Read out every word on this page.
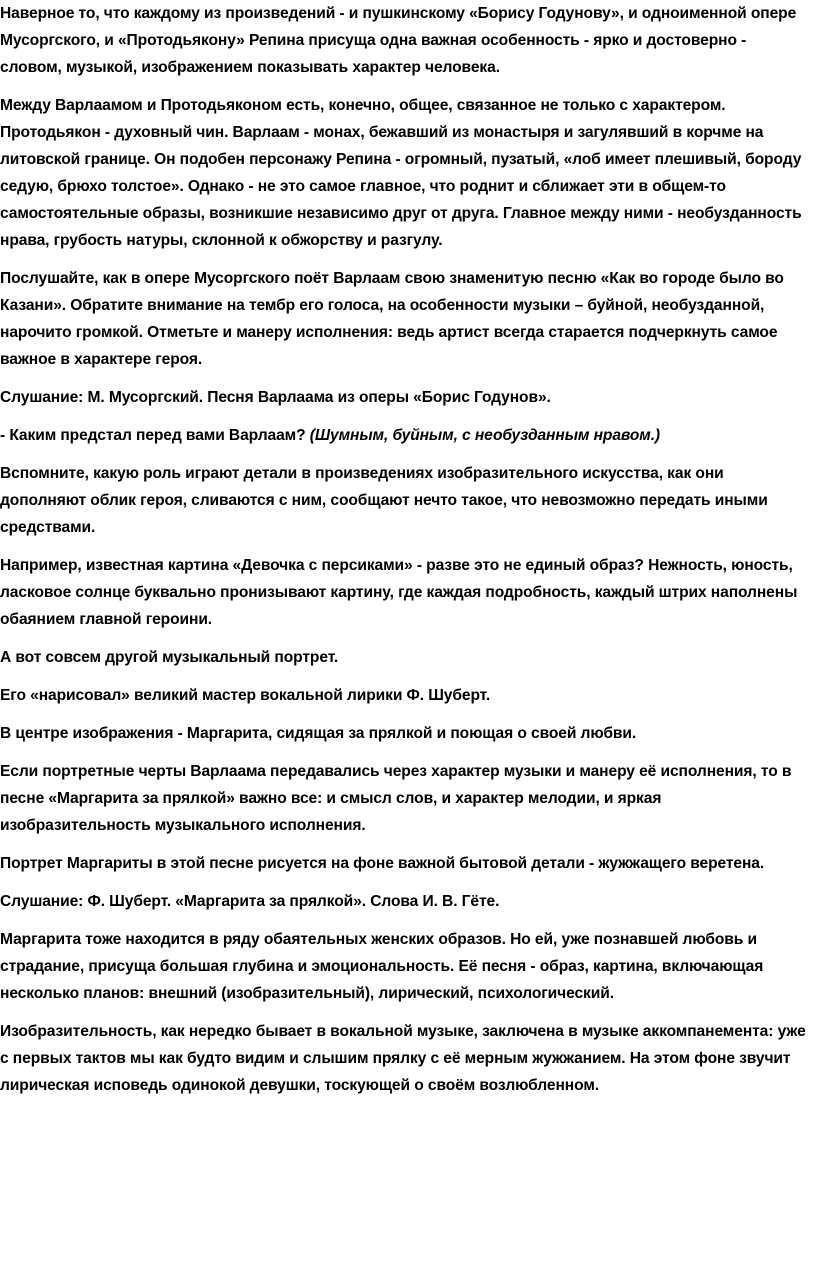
Наверное то, что каждому из произведений - и пушкинскому «Борису Годунову», и одноименной опере Мусоргского, и «Протодьякону» Репина присуща одна важная особенность - ярко и достоверно - словом, музыкой, изображением показывать характер человека.

Между Варлаамом и Протодьяконом есть, конечно, общее, связанное не только с характером. Протодьякон - духовный чин. Варлаам - монах, бежавший из монастыря и загулявший в корчме на литовской границе. Он подобен персонажу Репина - огромный, пузатый, «лоб имеет плешивый, бороду седую, брюхо толстое». Однако - не это самое главное, что роднит и сближает эти в общем-то самостоятельные образы, возникшие независимо друг от друга. Главное между ними - необузданность нрава, грубость натуры, склонной к обжорству и разгулу.

Послушайте, как в опере Мусоргского поёт Варлаам свою знаменитую песню «Как во городе было во Казани». Обратите внимание на тембр его голоса, на особенности музыки – буйной, необузданной, нарочито громкой. Отметьте и манеру исполнения: ведь артист всегда старается подчеркнуть самое важное в характере героя.

Слушание: М. Мусоргский. Песня Варлаама из оперы «Борис Годунов».

- Каким предстал перед вами Варлаам? (Шумным, буйным, с необузданным нравом.)

Вспомните, какую роль играют детали в произведениях изобразительного искусства, как они дополняют облик героя, сливаются с ним, сообщают нечто такое, что невозможно передать иными средствами.

Например, известная картина «Девочка с персиками» - разве это не единый образ? Нежность, юность, ласковое солнце буквально пронизывают картину, где каждая подробность, каждый штрих наполнены обаянием главной героини.

А вот совсем другой музыкальный портрет.

Его «нарисовал» великий мастер вокальной лирики Ф. Шуберт.

В центре изображения - Маргарита, сидящая за прялкой и поющая о своей любви.

Если портретные черты Варлаама передавались через характер музыки и манеру её исполнения, то в песне «Маргарита за прялкой» важно все: и смысл слов, и характер мелодии, и яркая изобразительность музыкального исполнения.

Портрет Маргариты в этой песне рисуется на фоне важной бытовой детали - жужжащего веретена.

Слушание: Ф. Шуберт. «Маргарита за прялкой». Слова И. В. Гёте.

Маргарита тоже находится в ряду обаятельных женских образов. Но ей, уже познавшей любовь и страдание, присуща большая глубина и эмоциональность. Её песня - образ, картина, включающая несколько планов: внешний (изобразительный), лирический, психологический.

Изобразительность, как нередко бывает в вокальной музыке, заключена в музыке аккомпанемента: уже с первых тактов мы как будто видим и слышим прялку с её мерным жужжанием. На этом фоне звучит лирическая исповедь одинокой девушки, тоскующей о своём возлюбленном.
